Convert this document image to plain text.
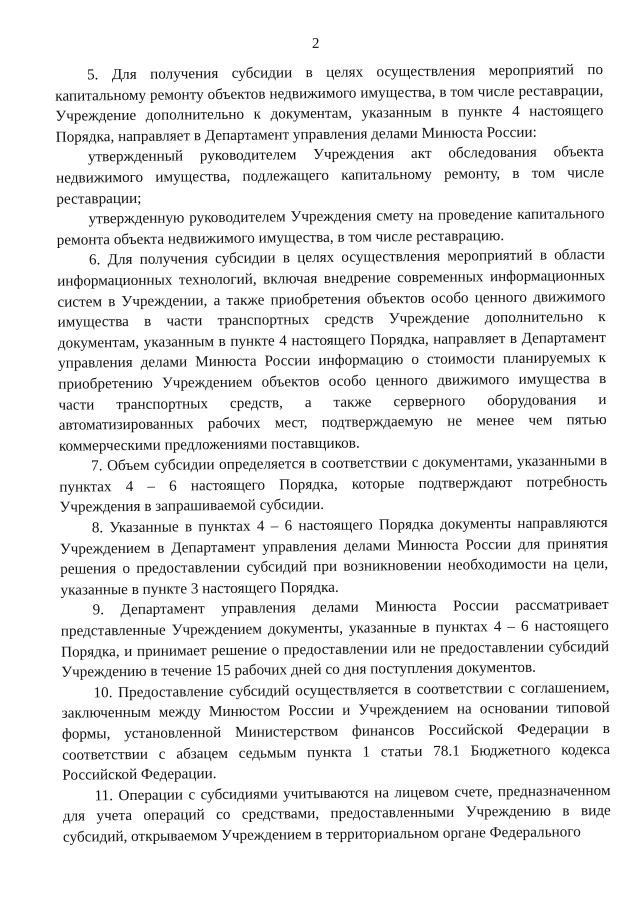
2

5. Для получения субсидии в целях осуществления мероприятий по капитальному ремонту объектов недвижимого имущества, в том числе реставрации, Учреждение дополнительно к документам, указанным в пункте 4 настоящего Порядка, направляет в Департамент управления делами Минюста России:

утвержденный руководителем Учреждения акт обследования объекта недвижимого имущества, подлежащего капитальному ремонту, в том числе реставрации;

утвержденную руководителем Учреждения смету на проведение капитального ремонта объекта недвижимого имущества, в том числе реставрацию.

6. Для получения субсидии в целях осуществления мероприятий в области информационных технологий, включая внедрение современных информационных систем в Учреждении, а также приобретения объектов особо ценного движимого имущества в части транспортных средств Учреждение дополнительно к документам, указанным в пункте 4 настоящего Порядка, направляет в Департамент управления делами Минюста России информацию о стоимости планируемых к приобретению Учреждением объектов особо ценного движимого имущества в части транспортных средств, а также серверного оборудования и автоматизированных рабочих мест, подтверждаемую не менее чем пятью коммерческими предложениями поставщиков.

7. Объем субсидии определяется в соответствии с документами, указанными в пунктах 4 – 6 настоящего Порядка, которые подтверждают потребность Учреждения в запрашиваемой субсидии.

8. Указанные в пунктах 4 – 6 настоящего Порядка документы направляются Учреждением в Департамент управления делами Минюста России для принятия решения о предоставлении субсидий при возникновении необходимости на цели, указанные в пункте 3 настоящего Порядка.

9. Департамент управления делами Минюста России рассматривает представленные Учреждением документы, указанные в пунктах 4 – 6 настоящего Порядка, и принимает решение о предоставлении или не предоставлении субсидий Учреждению в течение 15 рабочих дней со дня поступления документов.

10. Предоставление субсидий осуществляется в соответствии с соглашением, заключенным между Минюстом России и Учреждением на основании типовой формы, установленной Министерством финансов Российской Федерации в соответствии с абзацем седьмым пункта 1 статьи 78.1 Бюджетного кодекса Российской Федерации.

11. Операции с субсидиями учитываются на лицевом счете, предназначенном для учета операций со средствами, предоставленными Учреждению в виде субсидий, открываемом Учреждением в территориальном органе Федерального
